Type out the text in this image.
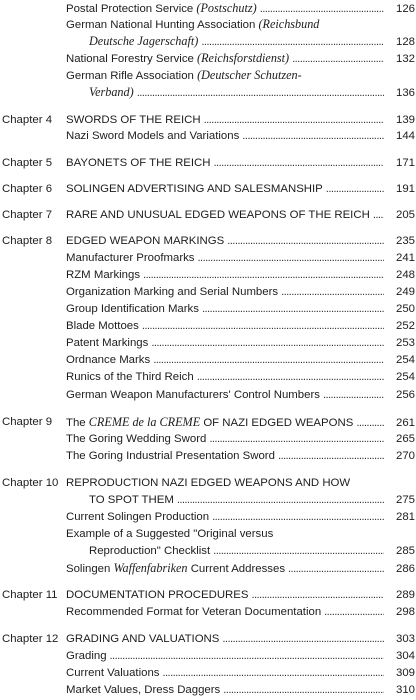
Postal Protection Service (Postschutz) . . .	126
German National Hunting Association (Reichsbund
Deutsche Jagerschaft) . . .	128
National Forestry Service (Reichsforstdienst) . . .	132
German Rifle Association (Deutscher Schutzen-
Verband) . . .	136
Chapter 4 SWORDS OF THE REICH . . .	139
Nazi Sword Models and Variations . . .	144
Chapter 5 BAYONETS OF THE REICH . . .	171
Chapter 6 SOLINGEN ADVERTISING AND SALESMANSHIP . . .	191
Chapter 7 RARE AND UNUSUAL EDGED WEAPONS OF THE REICH . . .	205
Chapter 8 EDGED WEAPON MARKINGS . . .	235
Manufacturer Proofmarks . . .	241
RZM Markings . . .	248
Organization Marking and Serial Numbers . . .	249
Group Identification Marks . . .	250
Blade Mottoes . . .	252
Patent Markings . . .	253
Ordnance Marks . . .	254
Runics of the Third Reich . . .	254
German Weapon Manufacturers' Control Numbers . . .	256
Chapter 9 The CREME de la CREME OF NAZI EDGED WEAPONS . . .	261
The Goring Wedding Sword . . .	265
The Goring Industrial Presentation Sword . . .	270
Chapter 10 REPRODUCTION NAZI EDGED WEAPONS AND HOW
TO SPOT THEM . . .	275
Current Solingen Production . . .	281
Example of a Suggested "Original versus
Reproduction" Checklist . . .	285
Solingen Waffenfabriken Current Addresses . . .	286
Chapter 11 DOCUMENTATION PROCEDURES . . .	289
Recommended Format for Veteran Documentation . . .	298
Chapter 12 GRADING AND VALUATIONS . . .	303
Grading . . .	304
Current Valuations . . .	309
Market Values, Dress Daggers . . .	310
